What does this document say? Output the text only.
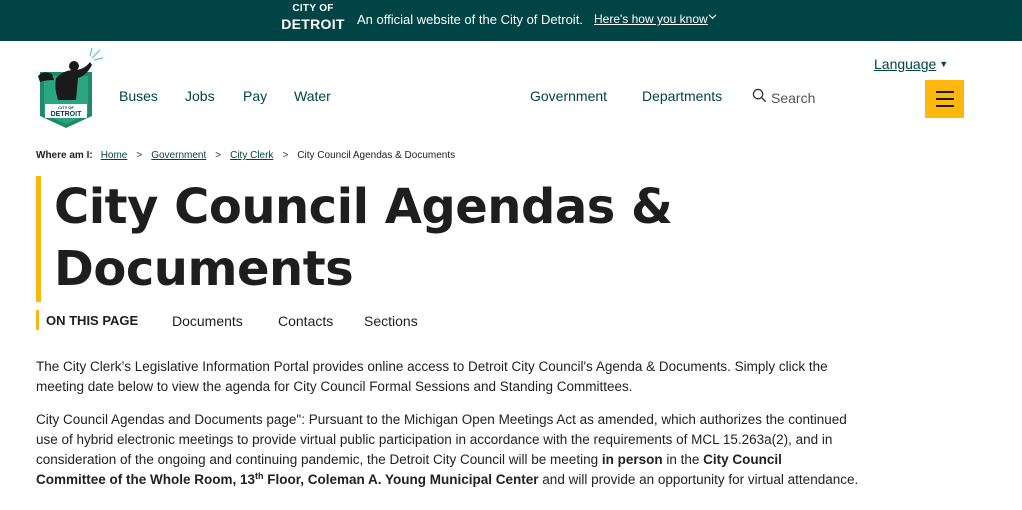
CITY OF
DETROIT An official website of the City of Detroit. Here's how you know
CITY OF
DETROIT
Buses Jobs Pay Water	Government Departments	Search
Language ▼
Where am I: Home > Government > City Clerk > City Council Agendas & Documents
City Council Agendas &
Documents
ON THIS PAGE Documents	Contacts Sections
The City Clerk’s Legislative Information Portal provides online access to Detroit City Council's Agenda & Documents. Simply click the
meeting date below to view the agenda for City Council Formal Sessions and Standing Committees.
City Council Agendas and Documents page": Pursuant to the Michigan Open Meetings Act as amended, which authorizes the continued
use of hybrid electronic meetings to provide virtual public participation in accordance with the requirements of MCL 15.263a(2), and in
consideration of the ongoing and continuing pandemic, the Detroit City Council will be meeting in person in the City Council
Committee of the Whole Room, 13th Floor, Coleman A. Young Municipal Center and will provide an opportunity for virtual attendance.
